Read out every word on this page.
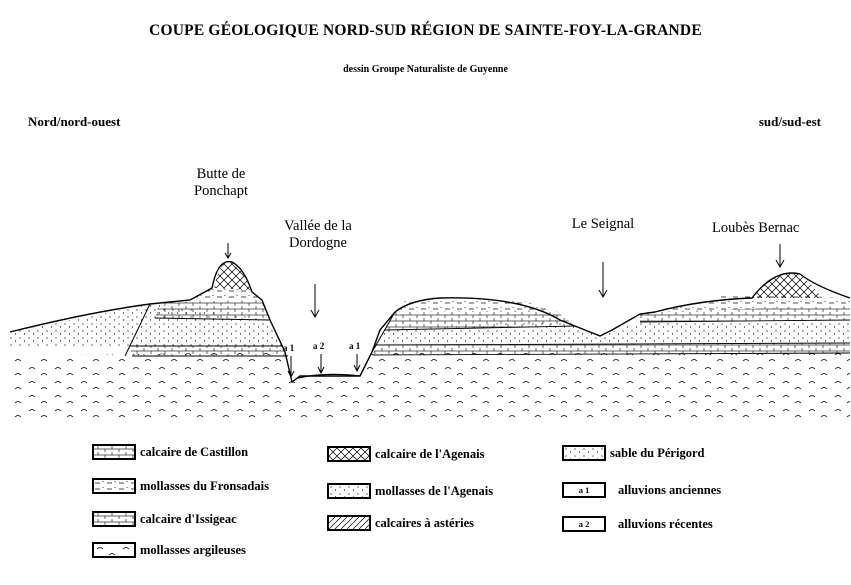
COUPE GÉOLOGIQUE NORD-SUD RÉGION DE SAINTE-FOY-LA-GRANDE
dessin Groupe Naturaliste de Guyenne
Nord/nord-ouest	sud/sud-est
Butte de Ponchapt
Vallée de la Dordogne
Le Seignal	Loubès Bernac
a 1 a 2	a 1
calcaire de Castillon
mollasses du Fronsadais
calcaire d'Issigeac
mollasses argileuses
calcaire de l'Agenais
mollasses de l'Agenais
calcaires à astéries
sable du Périgord
a 1	alluvions anciennes
a 2	alluvions récentes
